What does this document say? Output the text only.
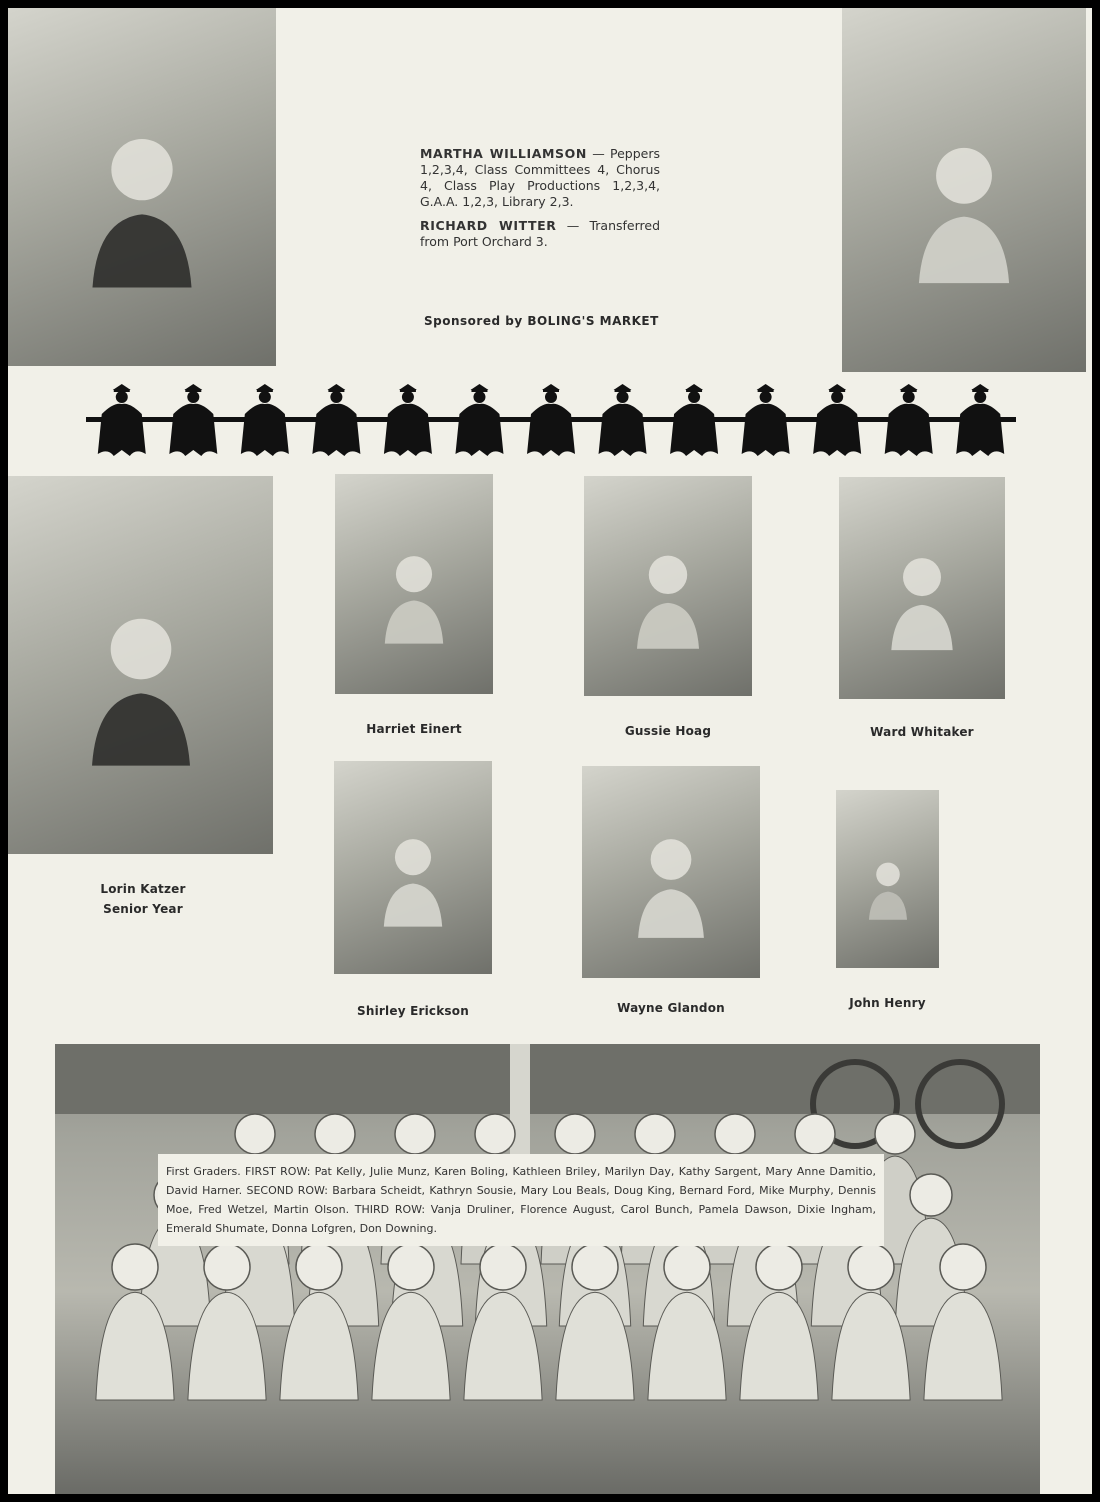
MARTHA WILLIAMSON — Peppers 1,2,3,4, Class Committees 4, Chorus 4, Class Play Productions 1,2,3,4, G.A.A. 1,2,3, Library 2,3.

RICHARD WITTER — Transferred from Port Orchard 3.

Sponsored by BOLING'S MARKET
Lorin Katzer
Senior Year
Harriet Einert	Gussie Hoag	Ward Whitaker
Shirley Erickson	Wayne Glandon	John Henry
First Graders. FIRST ROW: Pat Kelly, Julie Munz, Karen Boling, Kathleen Briley, Marilyn Day, Kathy Sargent, Mary Anne Damitio, David Harner. SECOND ROW: Barbara Scheidt, Kathryn Sousie, Mary Lou Beals, Doug King, Bernard Ford, Mike Murphy, Dennis Moe, Fred Wetzel, Martin Olson. THIRD ROW: Vanja Druliner, Florence August, Carol Bunch, Pamela Dawson, Dixie Ingham, Emerald Shumate, Donna Lofgren, Don Downing.
